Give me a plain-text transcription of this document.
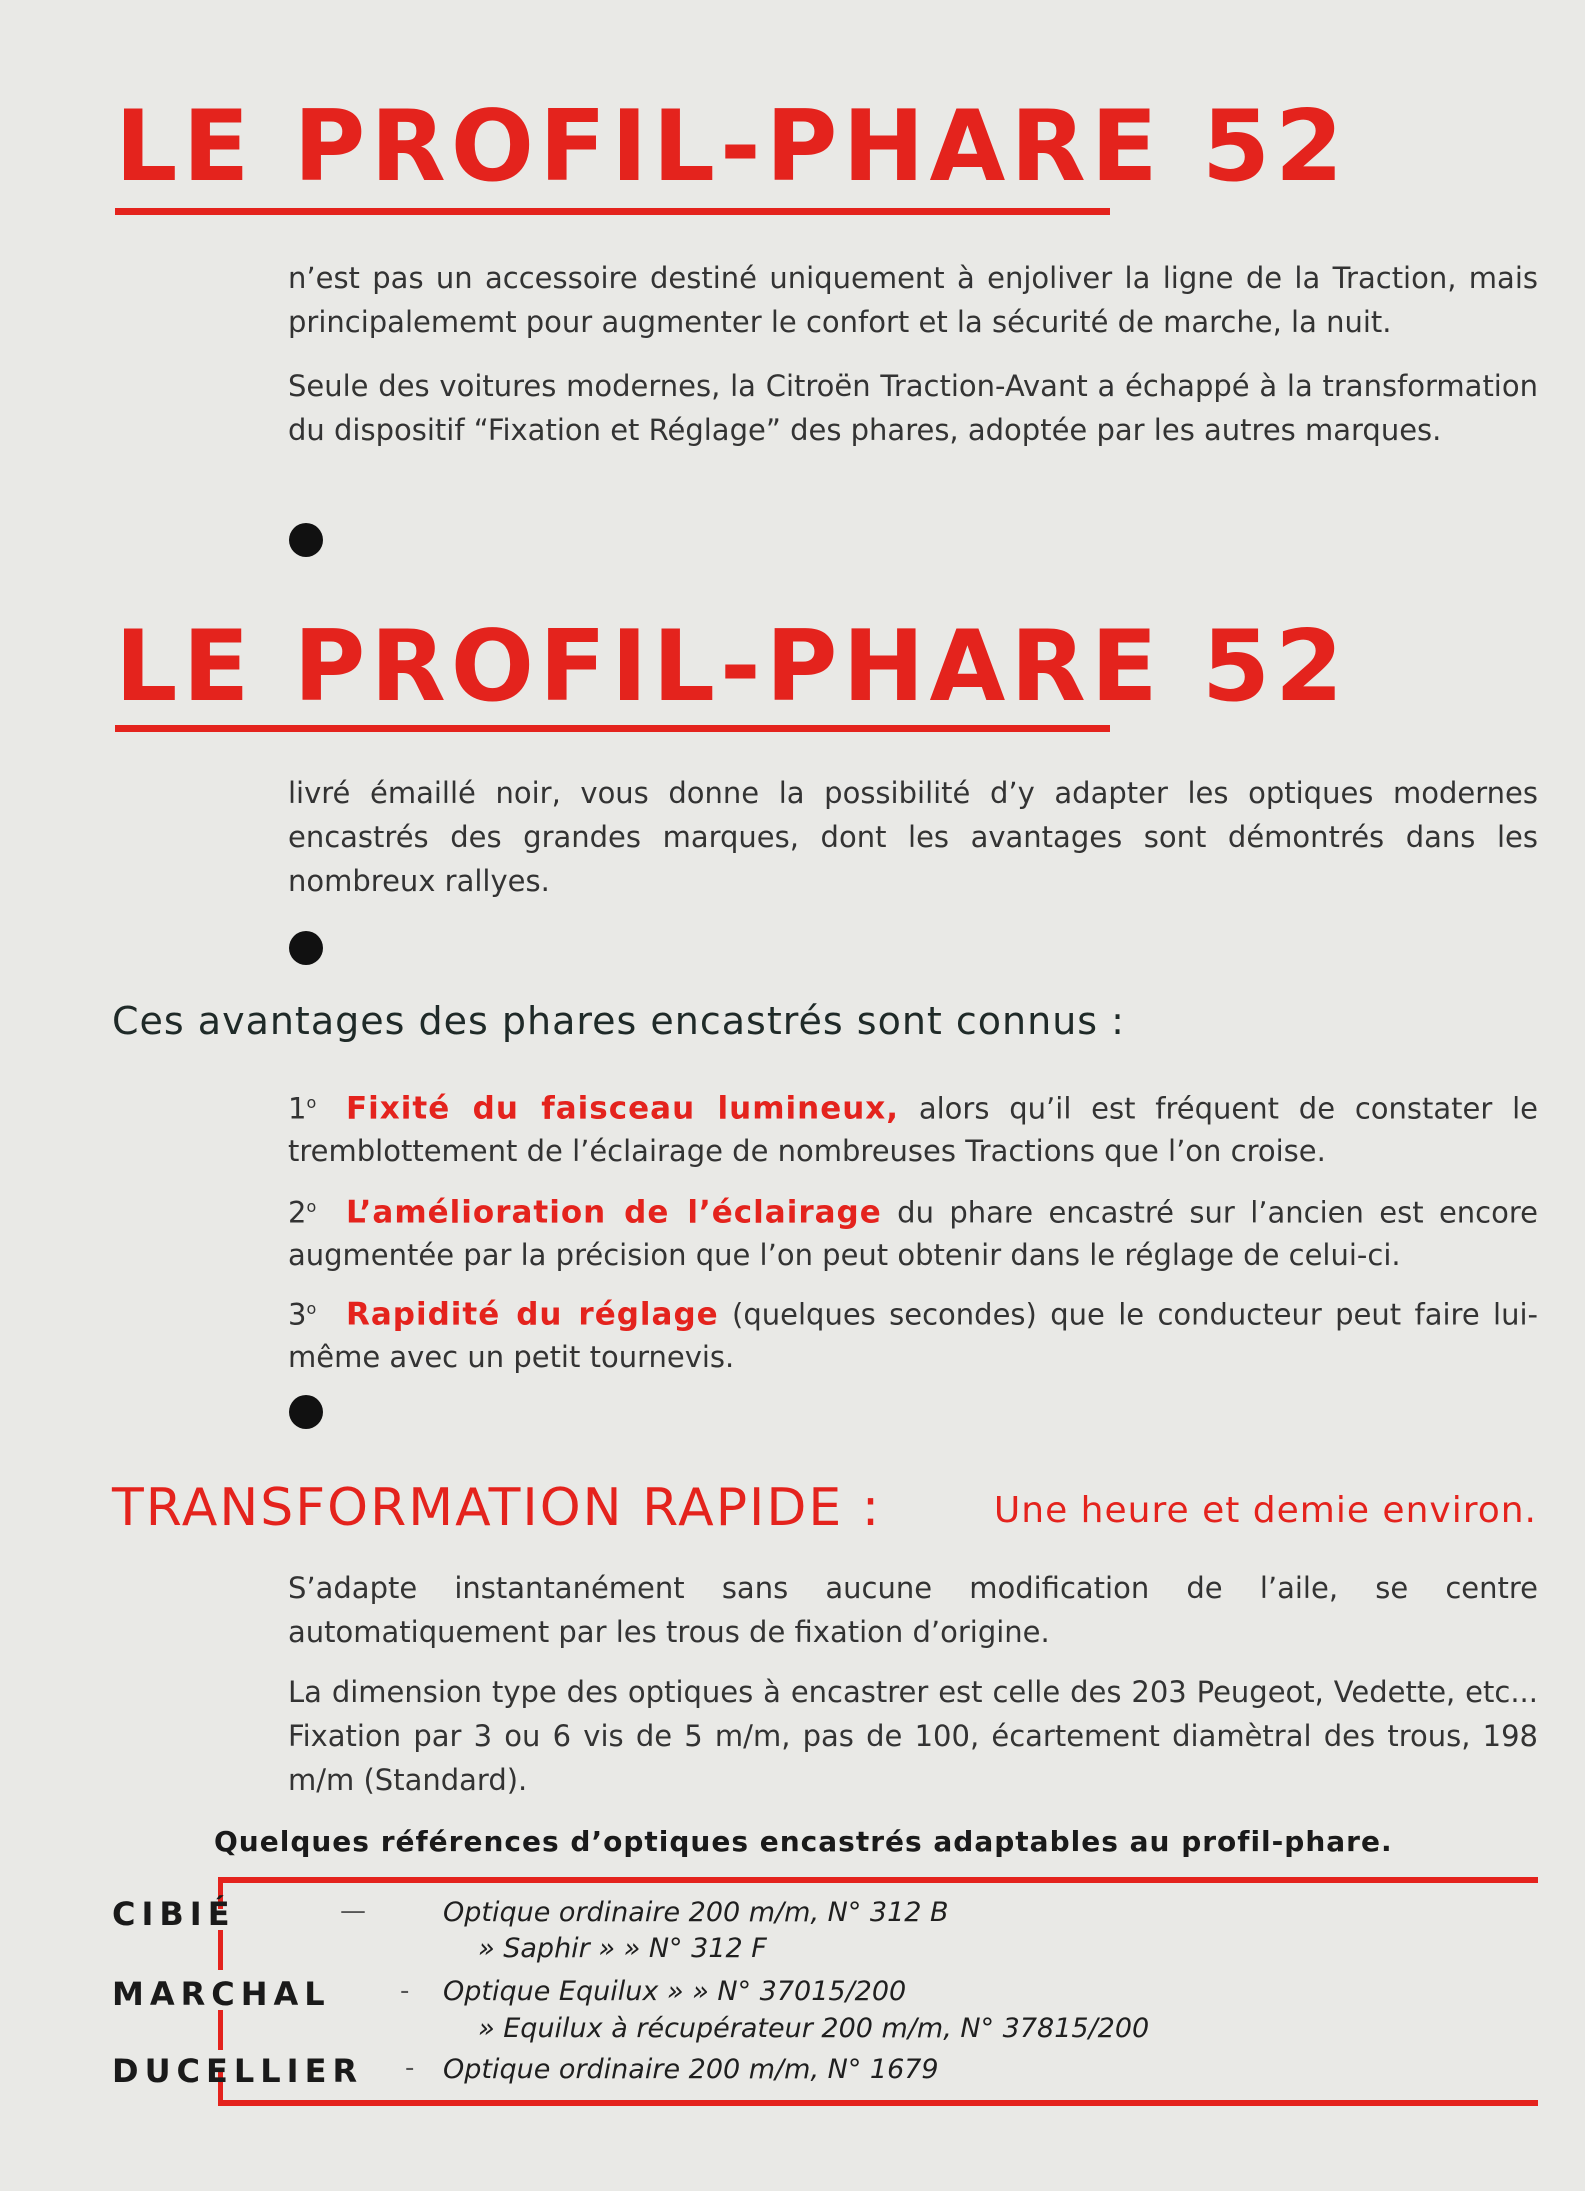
LE PROFIL-PHARE 52

n’est pas un accessoire destiné uniquement à enjoliver la ligne de la Traction, mais principalememt pour augmenter le confort et la sécurité de marche, la nuit.

Seule des voitures modernes, la Citroën Traction-Avant a échappé à la transformation du dispositif “Fixation et Réglage” des phares, adoptée par les autres marques.

LE PROFIL-PHARE 52

livré émaillé noir, vous donne la possibilité d’y adapter les optiques modernes encastrés des grandes marques, dont les avantages sont démontrés dans les nombreux rallyes.

Ces avantages des phares encastrés sont connus :

1$^o$ Fixité du faisceau lumineux, alors qu’il est fréquent de constater le tremblottement de l’éclairage de nombreuses Tractions que l’on croise.

2$^o$ L’amélioration de l’éclairage du phare encastré sur l’ancien est encore augmentée par la précision que l’on peut obtenir dans le réglage de celui-ci.

3$^o$ Rapidité du réglage (quelques secondes) que le conducteur peut faire lui-même avec un petit tournevis.

TRANSFORMATION RAPIDE :	Une heure et demie environ.

S’adapte instantanément sans aucune modification de l’aile, se centre automatiquement par les trous de fixation d’origine.

La dimension type des optiques à encastrer est celle des 203 Peugeot, Vedette, etc... Fixation par 3 ou 6 vis de 5 m/m, pas de 100, écartement diamètral des trous, 198 m/m (Standard).

Quelques références d’optiques encastrés adaptables au profil-phare.
CIBIÉ
MARCHAL
DUCELLIER
—
-
-
Optique ordinaire 200 m/m, N° 312 B
» Saphir » » N° 312 F
Optique Equilux » » N° 37015/200
» Equilux à récupérateur 200 m/m, N° 37815/200
Optique ordinaire 200 m/m, N° 1679
